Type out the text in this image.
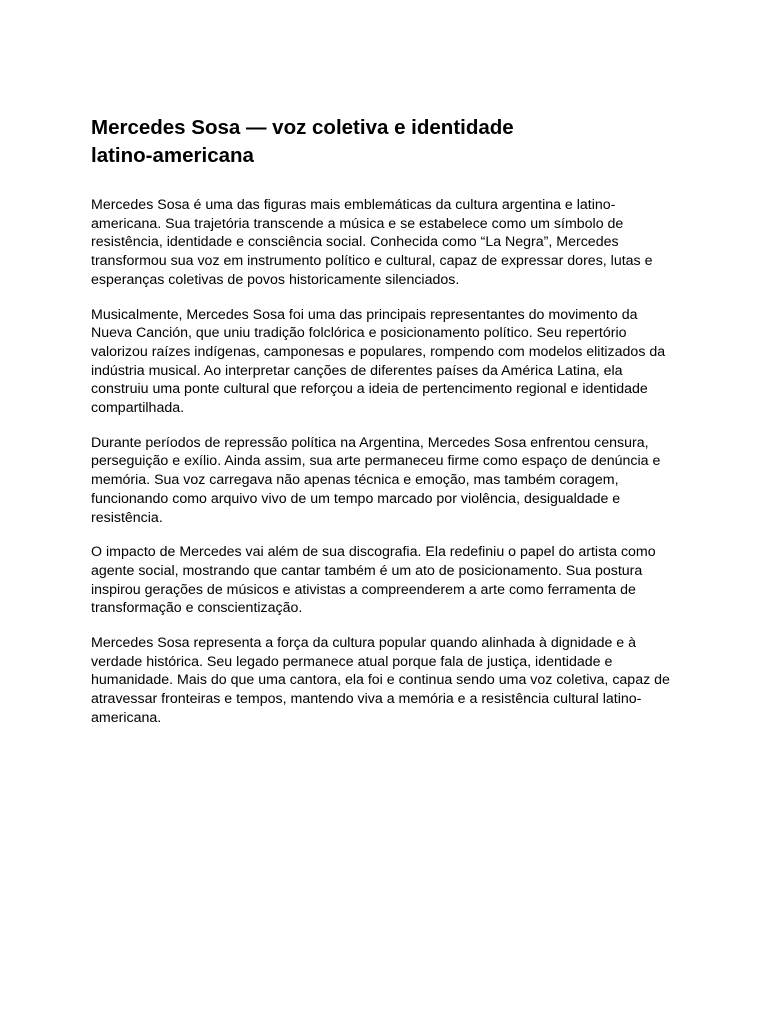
Mercedes Sosa — voz coletiva e identidade latino-americana

Mercedes Sosa é uma das figuras mais emblemáticas da cultura argentina e latino-americana. Sua trajetória transcende a música e se estabelece como um símbolo de resistência, identidade e consciência social. Conhecida como “La Negra”, Mercedes transformou sua voz em instrumento político e cultural, capaz de expressar dores, lutas e esperanças coletivas de povos historicamente silenciados.

Musicalmente, Mercedes Sosa foi uma das principais representantes do movimento da Nueva Canción, que uniu tradição folclórica e posicionamento político. Seu repertório valorizou raízes indígenas, camponesas e populares, rompendo com modelos elitizados da indústria musical. Ao interpretar canções de diferentes países da América Latina, ela construiu uma ponte cultural que reforçou a ideia de pertencimento regional e identidade compartilhada.

Durante períodos de repressão política na Argentina, Mercedes Sosa enfrentou censura, perseguição e exílio. Ainda assim, sua arte permaneceu firme como espaço de denúncia e memória. Sua voz carregava não apenas técnica e emoção, mas também coragem, funcionando como arquivo vivo de um tempo marcado por violência, desigualdade e resistência.

O impacto de Mercedes vai além de sua discografia. Ela redefiniu o papel do artista como agente social, mostrando que cantar também é um ato de posicionamento. Sua postura inspirou gerações de músicos e ativistas a compreenderem a arte como ferramenta de transformação e conscientização.

Mercedes Sosa representa a força da cultura popular quando alinhada à dignidade e à verdade histórica. Seu legado permanece atual porque fala de justiça, identidade e humanidade. Mais do que uma cantora, ela foi e continua sendo uma voz coletiva, capaz de atravessar fronteiras e tempos, mantendo viva a memória e a resistência cultural latino-americana.
